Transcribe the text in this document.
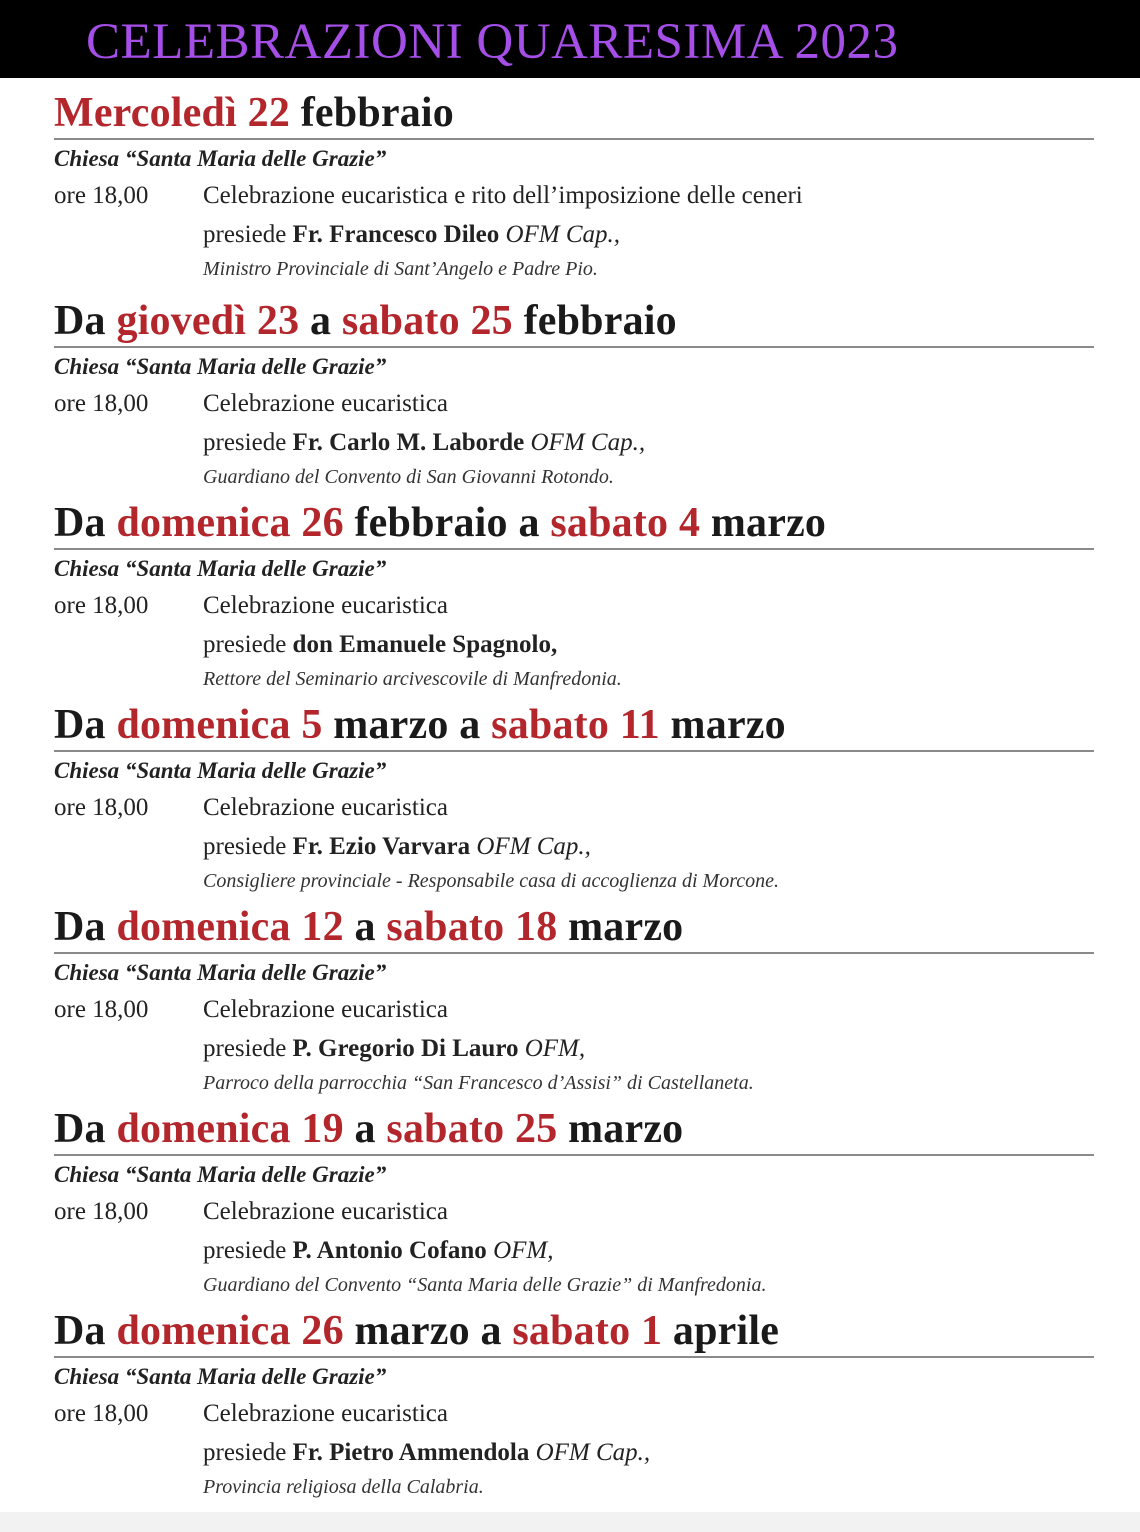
CELEBRAZIONI QUARESIMA 2023
Mercoledì 22 febbraio
Chiesa “Santa Maria delle Grazie”
ore 18,00 Celebrazione eucaristica e rito dell’imposizione delle ceneri
presiede Fr. Francesco Dileo OFM Cap.,
Ministro Provinciale di Sant’Angelo e Padre Pio.
Da giovedì 23 a sabato 25 febbraio
Chiesa “Santa Maria delle Grazie”
ore 18,00 Celebrazione eucaristica
presiede Fr. Carlo M. Laborde OFM Cap.,
Guardiano del Convento di San Giovanni Rotondo.
Da domenica 26 febbraio a sabato 4 marzo
Chiesa “Santa Maria delle Grazie”
ore 18,00 Celebrazione eucaristica
presiede don Emanuele Spagnolo,
Rettore del Seminario arcivescovile di Manfredonia.
Da domenica 5 marzo a sabato 11 marzo
Chiesa “Santa Maria delle Grazie”
ore 18,00 Celebrazione eucaristica
presiede Fr. Ezio Varvara OFM Cap.,
Consigliere provinciale - Responsabile casa di accoglienza di Morcone.
Da domenica 12 a sabato 18 marzo
Chiesa “Santa Maria delle Grazie”
ore 18,00 Celebrazione eucaristica
presiede P. Gregorio Di Lauro OFM,
Parroco della parrocchia “San Francesco d’Assisi” di Castellaneta.
Da domenica 19 a sabato 25 marzo
Chiesa “Santa Maria delle Grazie”
ore 18,00 Celebrazione eucaristica
presiede P. Antonio Cofano OFM,
Guardiano del Convento “Santa Maria delle Grazie” di Manfredonia.
Da domenica 26 marzo a sabato 1 aprile
Chiesa “Santa Maria delle Grazie”
ore 18,00 Celebrazione eucaristica
presiede Fr. Pietro Ammendola OFM Cap.,
Provincia religiosa della Calabria.
